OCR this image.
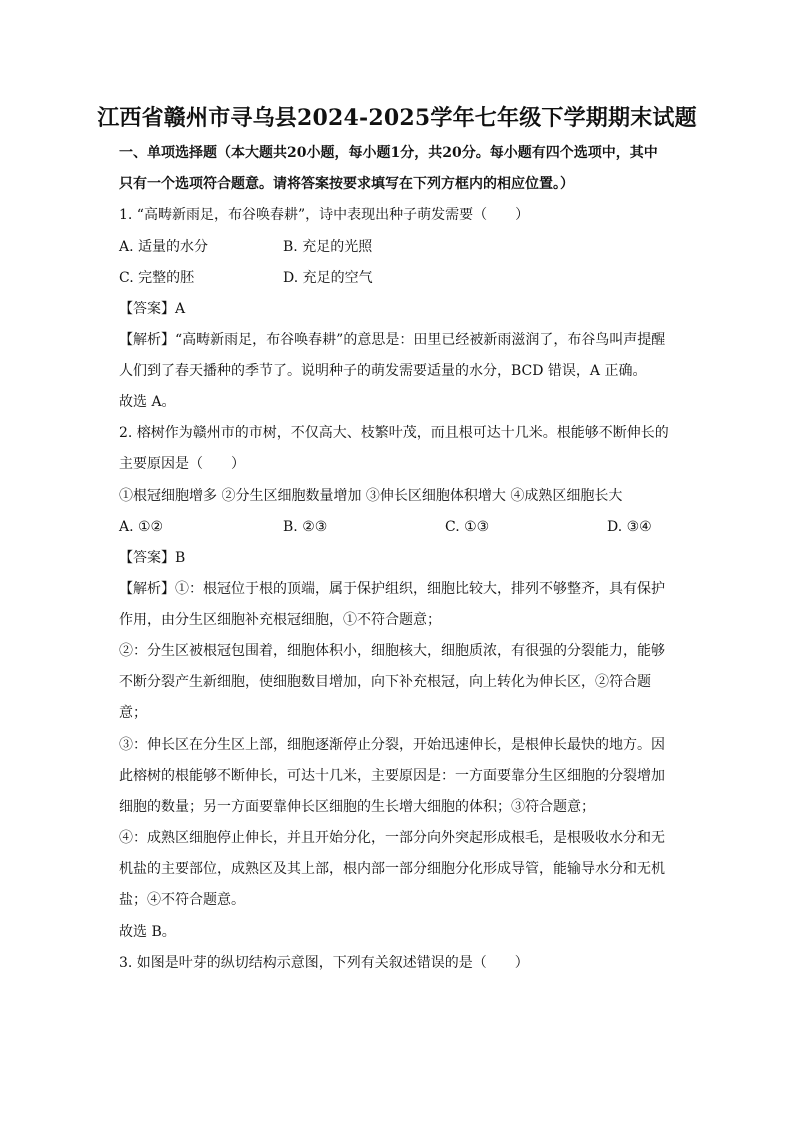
江西省赣州市寻乌县2024-2025学年七年级下学期期末试题
一、单项选择题（本大题共20小题，每小题1分，共20分。每小题有四个选项中，其中
只有一个选项符合题意。请将答案按要求填写在下列方框内的相应位置。）
1. “高畴新雨足，布谷唤春耕”，诗中表现出种子萌发需要（　　）
A. 适量的水分	B. 充足的光照
C. 完整的胚	D. 充足的空气
【答案】A
【解析】“高畴新雨足，布谷唤春耕”的意思是：田里已经被新雨滋润了，布谷鸟叫声提醒
人们到了春天播种的季节了。说明种子的萌发需要适量的水分，BCD 错误，A 正确。
故选 A。
2. 榕树作为赣州市的市树，不仅高大、枝繁叶茂，而且根可达十几米。根能够不断伸长的
主要原因是（　　）
①根冠细胞增多 ②分生区细胞数量增加 ③伸长区细胞体积增大 ④成熟区细胞长大
A. ①②	B. ②③	C. ①③	D. ③④
【答案】B
【解析】①：根冠位于根的顶端，属于保护组织，细胞比较大，排列不够整齐，具有保护
作用，由分生区细胞补充根冠细胞，①不符合题意；
②：分生区被根冠包围着，细胞体积小，细胞核大，细胞质浓，有很强的分裂能力，能够
不断分裂产生新细胞，使细胞数目增加，向下补充根冠，向上转化为伸长区，②符合题
意；
③：伸长区在分生区上部，细胞逐渐停止分裂，开始迅速伸长，是根伸长最快的地方。因
此榕树的根能够不断伸长，可达十几米，主要原因是：一方面要靠分生区细胞的分裂增加
细胞的数量；另一方面要靠伸长区细胞的生长增大细胞的体积；③符合题意；
④：成熟区细胞停止伸长，并且开始分化，一部分向外突起形成根毛，是根吸收水分和无
机盐的主要部位，成熟区及其上部，根内部一部分细胞分化形成导管，能输导水分和无机
盐；④不符合题意。
故选 B。
3. 如图是叶芽的纵切结构示意图，下列有关叙述错误的是（　　）
